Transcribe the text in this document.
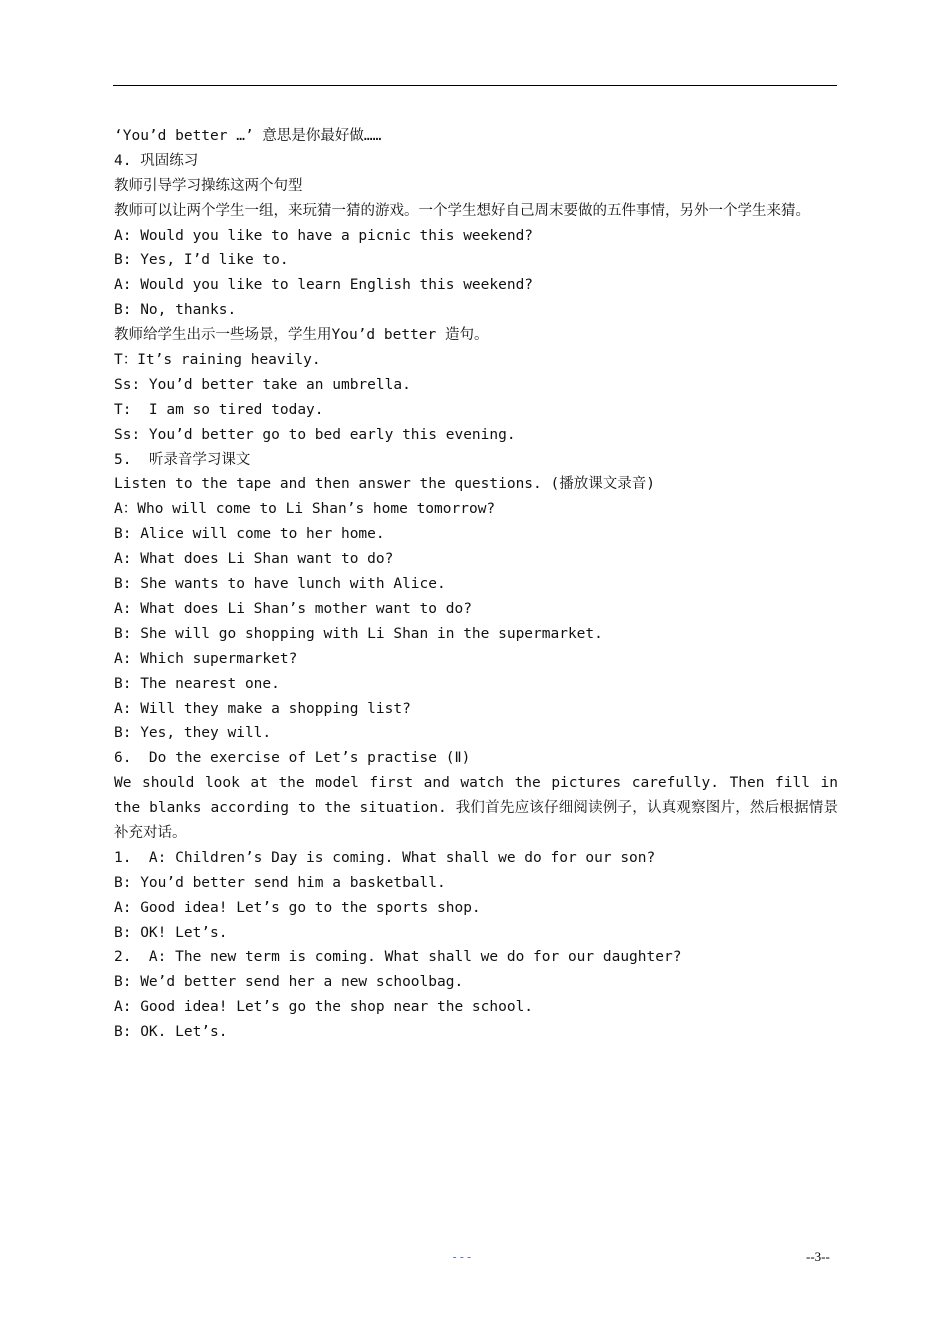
‘You’d better …’ 意思是你最好做……
4. 巩固练习
教师引导学习操练这两个句型
教师可以让两个学生一组，来玩猜一猜的游戏。一个学生想好自己周末要做的五件事情，另外一个学生来猜。
A: Would you like to have a picnic this weekend?
B: Yes, I’d like to.
A: Would you like to learn English this weekend?
B: No, thanks.
教师给学生出示一些场景，学生用You’d better 造句。
T：It’s raining heavily.
Ss: You’d better take an umbrella.
T:  I am so tired today.
Ss: You’d better go to bed early this evening.
5.  听录音学习课文
Listen to the tape and then answer the questions. (播放课文录音)
A：Who will come to Li Shan’s home tomorrow?
B: Alice will come to her home.
A: What does Li Shan want to do?
B: She wants to have lunch with Alice.
A: What does Li Shan’s mother want to do?
B: She will go shopping with Li Shan in the supermarket.
A: Which supermarket?
B: The nearest one.
A: Will they make a shopping list?
B: Yes, they will.
6.  Do the exercise of Let’s practise (Ⅱ)
We should look at the model first and watch the pictures carefully. Then fill in the blanks according to the situation. 我们首先应该仔细阅读例子，认真观察图片，然后根据情景补充对话。
1.  A: Children’s Day is coming. What shall we do for our son?
B: You’d better send him a basketball.
A: Good idea! Let’s go to the sports shop.
B: OK! Let’s.
2.  A: The new term is coming. What shall we do for our daughter?
B: We’d better send her a new schoolbag.
A: Good idea! Let’s go the shop near the school.
B: OK. Let’s.
---	--3--
